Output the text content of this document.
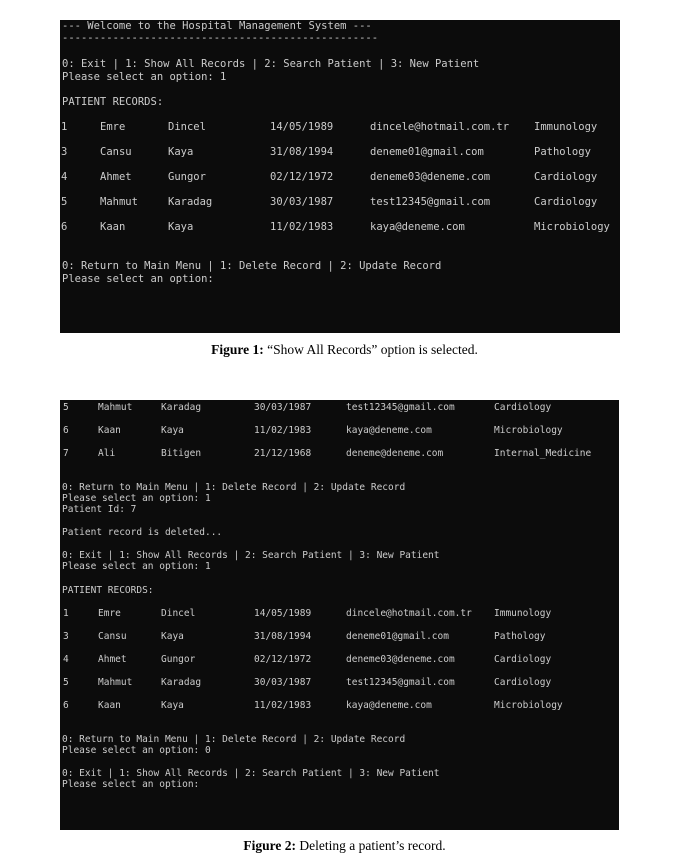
--- Welcome to the Hospital Management System ---
--------------------------------------------------
0: Exit | 1: Show All Records | 2: Search Patient | 3: New Patient
Please select an option: 1
PATIENT RECORDS:
1	Emre	Dincel	14/05/1989	dincele@hotmail.com.tr Immunology
3	Cansu	Kaya	31/08/1994	deneme01@gmail.com	Pathology
4	Ahmet	Gungor	02/12/1972	deneme03@deneme.com	Cardiology
5	Mahmut	Karadag	30/03/1987	test12345@gmail.com	Cardiology
6	Kaan	Kaya	11/02/1983	kaya@deneme.com	Microbiology
0: Return to Main Menu | 1: Delete Record | 2: Update Record
Please select an option:
Figure 1: “Show All Records” option is selected.
5	Mahmut	Karadag	30/03/1987	test12345@gmail.com	Cardiology
6	Kaan	Kaya	11/02/1983	kaya@deneme.com	Microbiology
7	Ali	Bitigen	21/12/1968	deneme@deneme.com	Internal_Medicine
0: Return to Main Menu | 1: Delete Record | 2: Update Record
Please select an option: 1
Patient Id: 7
Patient record is deleted...
0: Exit | 1: Show All Records | 2: Search Patient | 3: New Patient
Please select an option: 1
PATIENT RECORDS:
1	Emre	Dincel	14/05/1989	dincele@hotmail.com.tr Immunology
3	Cansu	Kaya	31/08/1994	deneme01@gmail.com	Pathology
4	Ahmet	Gungor	02/12/1972	deneme03@deneme.com	Cardiology
5	Mahmut	Karadag	30/03/1987	test12345@gmail.com	Cardiology
6	Kaan	Kaya	11/02/1983	kaya@deneme.com	Microbiology
0: Return to Main Menu | 1: Delete Record | 2: Update Record
Please select an option: 0
0: Exit | 1: Show All Records | 2: Search Patient | 3: New Patient
Please select an option:
Figure 2: Deleting a patient’s record.
